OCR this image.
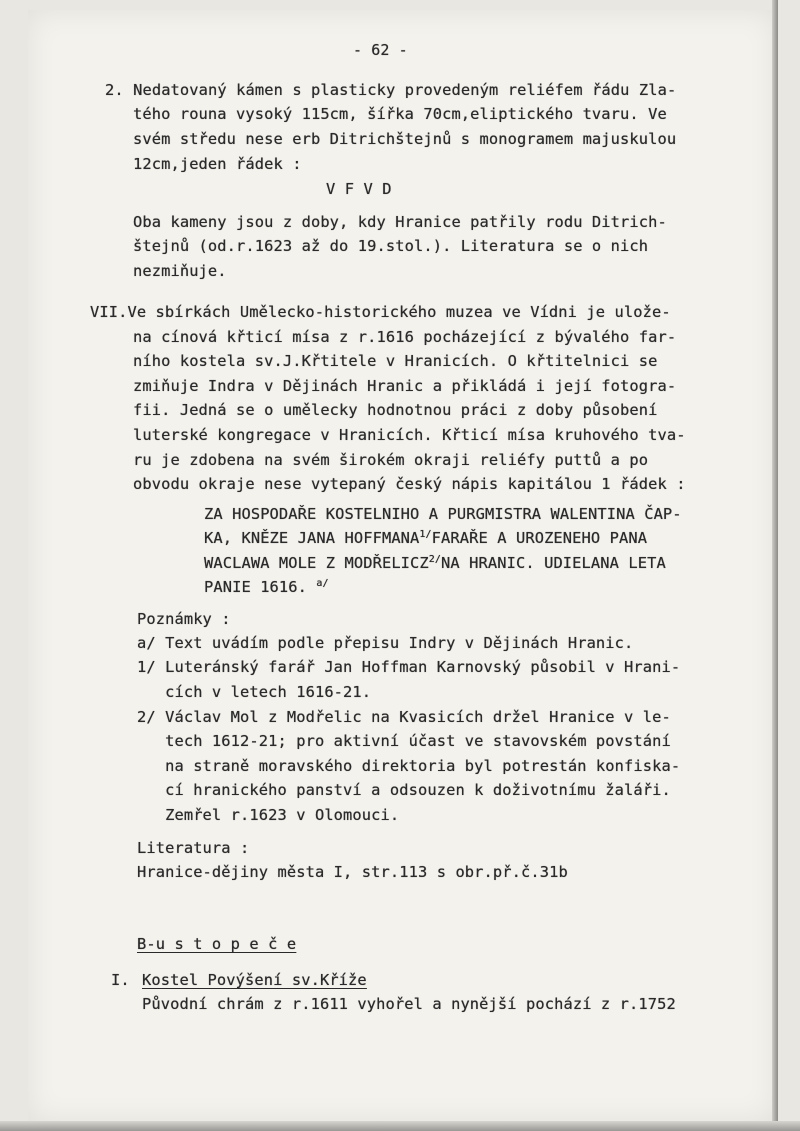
- 62 -
2. Nedatovaný kámen s plasticky provedeným reliéfem řádu Zla-
tého rouna vysoký 115cm, šířka 70cm,eliptického tvaru. Ve
svém středu nese erb Ditrichštejnů s monogramem majuskulou
12cm,jeden řádek :
V F V D
Oba kameny jsou z doby, kdy Hranice patřily rodu Ditrich-
štejnů (od.r.1623 až do 19.stol.). Literatura se o nich
nezmiňuje.
VII.Ve sbírkách Umělecko-historického muzea ve Vídni je ulože-
na cínová křticí mísa z r.1616 pocházející z bývalého far-
ního kostela sv.J.Křtitele v Hranicích. O křtitelnici se
zmiňuje Indra v Dějinách Hranic a přikládá i její fotogra-
fii. Jedná se o umělecky hodnotnou práci z doby působení
luterské kongregace v Hranicích. Křticí mísa kruhového tva-
ru je zdobena na svém širokém okraji reliéfy puttů a po
obvodu okraje nese vytepaný český nápis kapitálou 1 řádek :
ZA HOSPODAŘE KOSTELNIHO A PURGMISTRA WALENTINA ČAP-
KA, KNĚZE JANA $HOFFMANA^{1/}FARAŘE$ A UROZENEHO PANA
WACLAWA MOLE Z $MODŘELICZ^{2/}NA$ HRANIC. UDIELANA LETA
PANIE 1616. $^{a/}$
Poznámky :
a/ Text uvádím podle přepisu Indry v Dějinách Hranic.
1/ Luteránský farář Jan Hoffman Karnovský působil v Hrani-
cích v letech 1616-21.
2/ Václav Mol z Modřelic na Kvasicích držel Hranice v le-
tech 1612-21; pro aktivní účast ve stavovském povstání
na straně moravského direktoria byl potrestán konfiska-
cí hranického panství a odsouzen k doživotnímu žaláři.
Zemřel r.1623 v Olomouci.
Literatura :
Hranice-dějiny města I, str.113 s obr.př.č.31b
B-u s t o p e č e
I. Kostel Povýšení sv.Kříže
Původní chrám z r.1611 vyhořel a nynější pochází z r.1752
